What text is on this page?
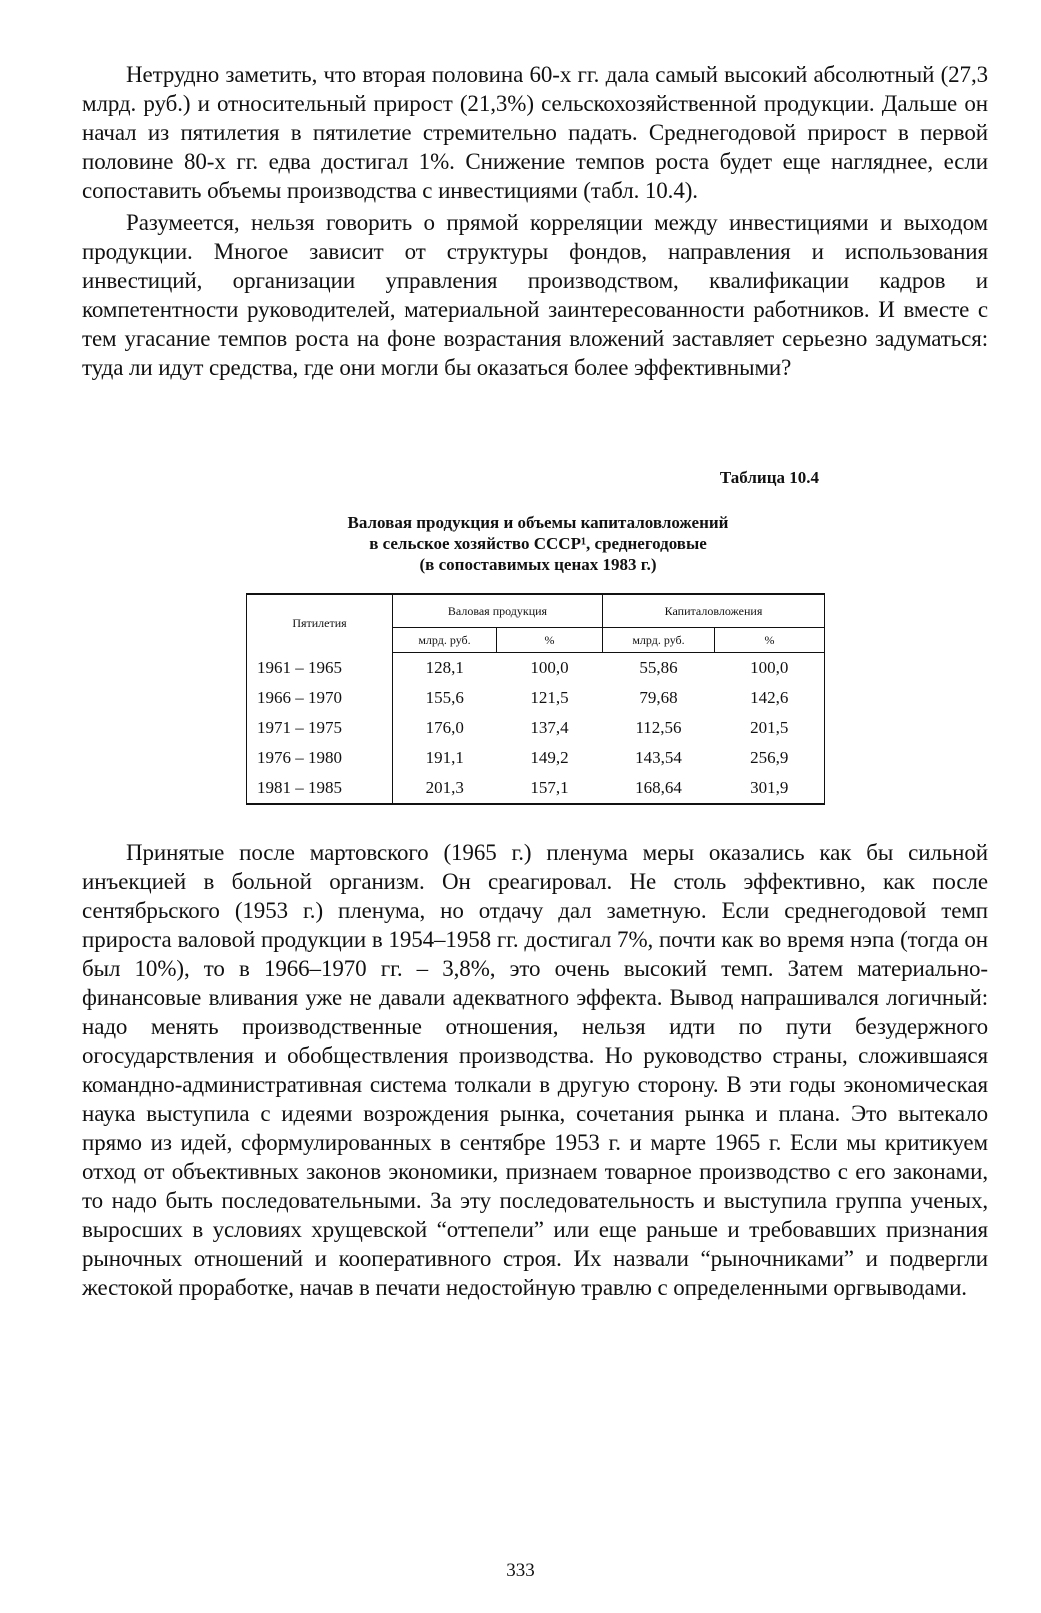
Нетрудно заметить, что вторая половина 60-х гг. дала самый высокий абсолютный (27,3 млрд. руб.) и относительный прирост (21,3%) сельскохозяйственной продукции. Дальше он начал из пятилетия в пятилетие стремительно падать. Среднегодовой прирост в первой половине 80-х гг. едва достигал 1%. Снижение темпов роста будет еще нагляднее, если сопоставить объемы производства с инвестициями (табл. 10.4).

Разумеется, нельзя говорить о прямой корреляции между инвестициями и выходом продукции. Многое зависит от структуры фондов, направления и использования инвестиций, организации управления производством, квалификации кадров и компетентности руководителей, материальной заинтересованности работников. И вместе с тем угасание темпов роста на фоне возрастания вложений заставляет серьезно задуматься: туда ли идут средства, где они могли бы оказаться более эффективными?

Таблица 10.4
Валовая продукция и объемы капиталовложений
в сельское хозяйство СССР¹, среднегодовые
(в сопоставимых ценах 1983 г.)
Пятилетия	Валовая продукция		Капиталовложения	
	млрд. руб.	%	млрд. руб.	%
1961 – 1965	128,1	100,0	55,86	100,0
1966 – 1970	155,6	121,5	79,68	142,6
1971 – 1975	176,0	137,4	112,56	201,5
1976 – 1980	191,1	149,2	143,54	256,9
1981 – 1985	201,3	157,1	168,64	301,9

Принятые после мартовского (1965 г.) пленума меры оказались как бы сильной инъекцией в больной организм. Он среагировал. Не столь эффективно, как после сентябрьского (1953 г.) пленума, но отдачу дал заметную. Если среднегодовой темп прироста валовой продукции в 1954–1958 гг. достигал 7%, почти как во время нэпа (тогда он был 10%), то в 1966–1970 гг. – 3,8%, это очень высокий темп. Затем материально-финансовые вливания уже не давали адекватного эффекта. Вывод напрашивался логичный: надо менять производственные отношения, нельзя идти по пути безудержного огосударствления и обобществления производства. Но руководство страны, сложившаяся командно-административная система толкали в другую сторону. В эти годы экономическая наука выступила с идеями возрождения рынка, сочетания рынка и плана. Это вытекало прямо из идей, сформулированных в сентябре 1953 г. и марте 1965 г. Если мы критикуем отход от объективных законов экономики, признаем товарное производство с его законами, то надо быть последовательными. За эту последовательность и выступила группа ученых, выросших в условиях хрущевской “оттепели” или еще раньше и требовавших признания рыночных отношений и кооперативного строя. Их назвали “рыночниками” и подвергли жестокой проработке, начав в печати недостойную травлю с определенными оргвыводами.

333
